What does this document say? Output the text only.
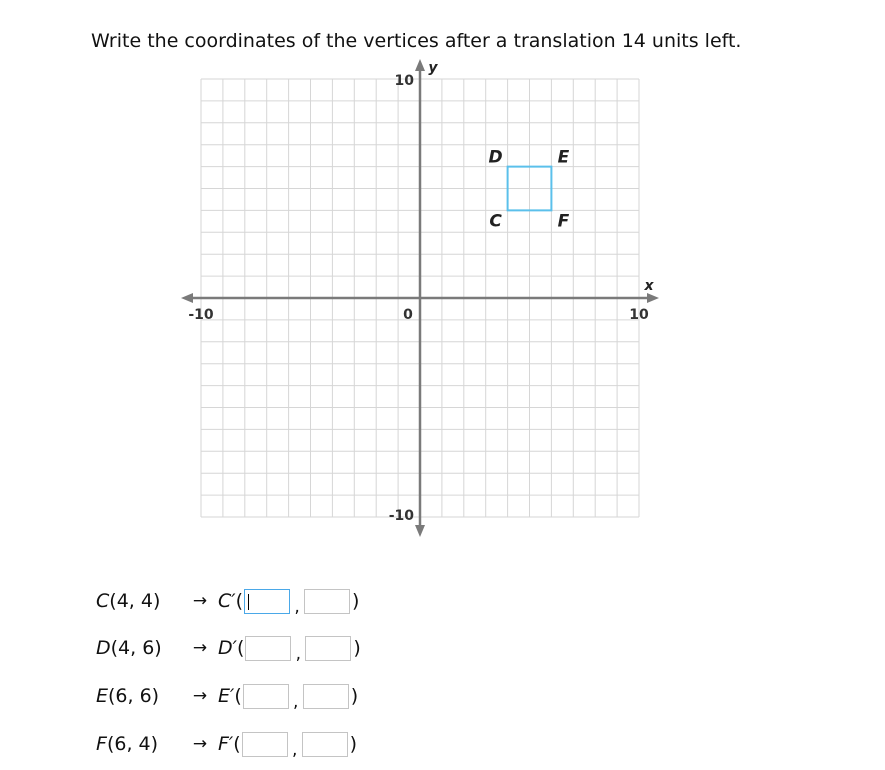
Write the coordinates of the vertices after a translation 14 units left.
-10	10
0
10
-10
x
y
C
D	E
F
C(4, 4)	→ C′(	,	)
D(4, 6)	→ D′(	,	)
E(6, 6)	→ E′(	,	)
F(6, 4)	→ F′(	,	)
